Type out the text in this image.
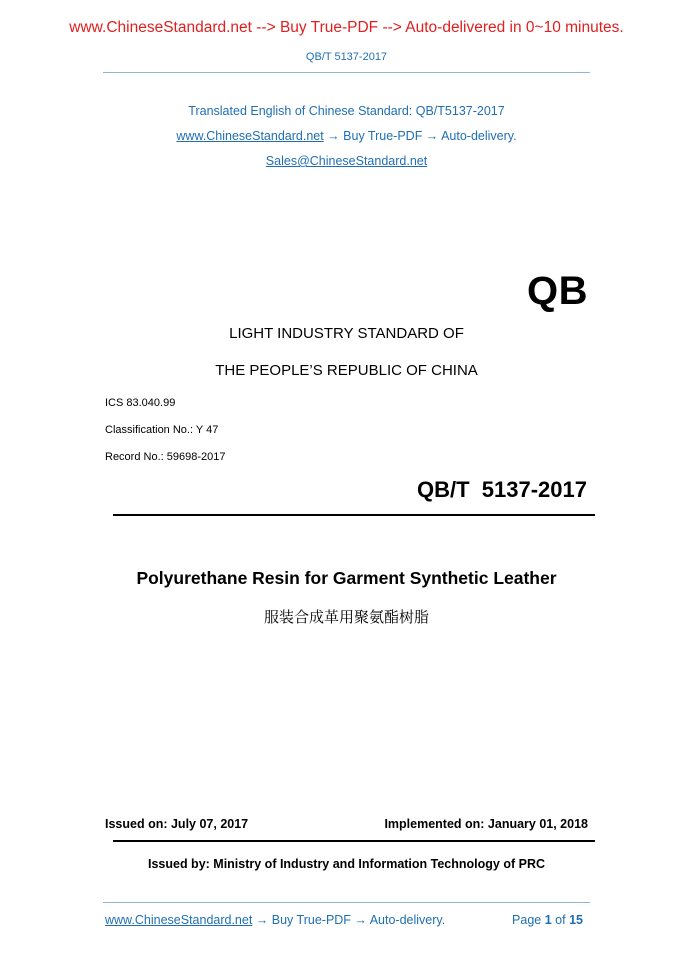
www.ChineseStandard.net --> Buy True-PDF --> Auto-delivered in 0~10 minutes.
QB/T 5137-2017
Translated English of Chinese Standard: QB/T5137-2017
www.ChineseStandard.net → Buy True-PDF → Auto-delivery.
Sales@ChineseStandard.net
QB
LIGHT INDUSTRY STANDARD OF
THE PEOPLE’S REPUBLIC OF CHINA
ICS 83.040.99
Classification No.: Y 47
Record No.: 59698-2017
QB/T  5137-2017
Polyurethane Resin for Garment Synthetic Leather
服装合成革用聚氨酯树脂
Issued on: July 07, 2017	Implemented on: January 01, 2018
Issued by: Ministry of Industry and Information Technology of PRC
www.ChineseStandard.net → Buy True-PDF → Auto-delivery.	Page 1 of 15
